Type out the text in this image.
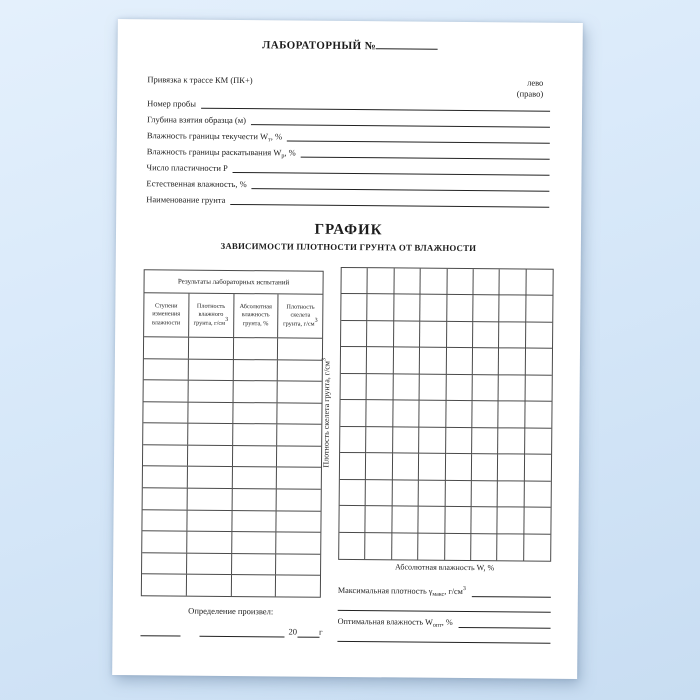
ЛАБОРАТОРНЫЙ №
Привязка к трассе КМ (ПК+)	лево
(право)
Номер пробы
Глубина взятия образца (м)
Влажность границы текучести $W_т$, %
Влажность границы раскатывания $W_р$, %
Число пластичности Р
Естественная влажность, %
Наименование грунта
ГРАФИК
ЗАВИСИМОСТИ ПЛОТНОСТИ ГРУНТА ОТ ВЛАЖНОСТИ
Результаты лабораторных испытаний
Ступени изменения влажности
Плотность влажного грунта, $г/см^3$
Абсолютная влажность грунта, %
Плотность скелета грунта, $г/см^3$
Плотность скелета грунта, $г/см^3$
Абсолютная влажность W, %
Максимальная плотность $\gamma_{макс}$, $г/см^3$
Оптимальная влажность $W_{опт}$, %
Определение произвел:
20	г
